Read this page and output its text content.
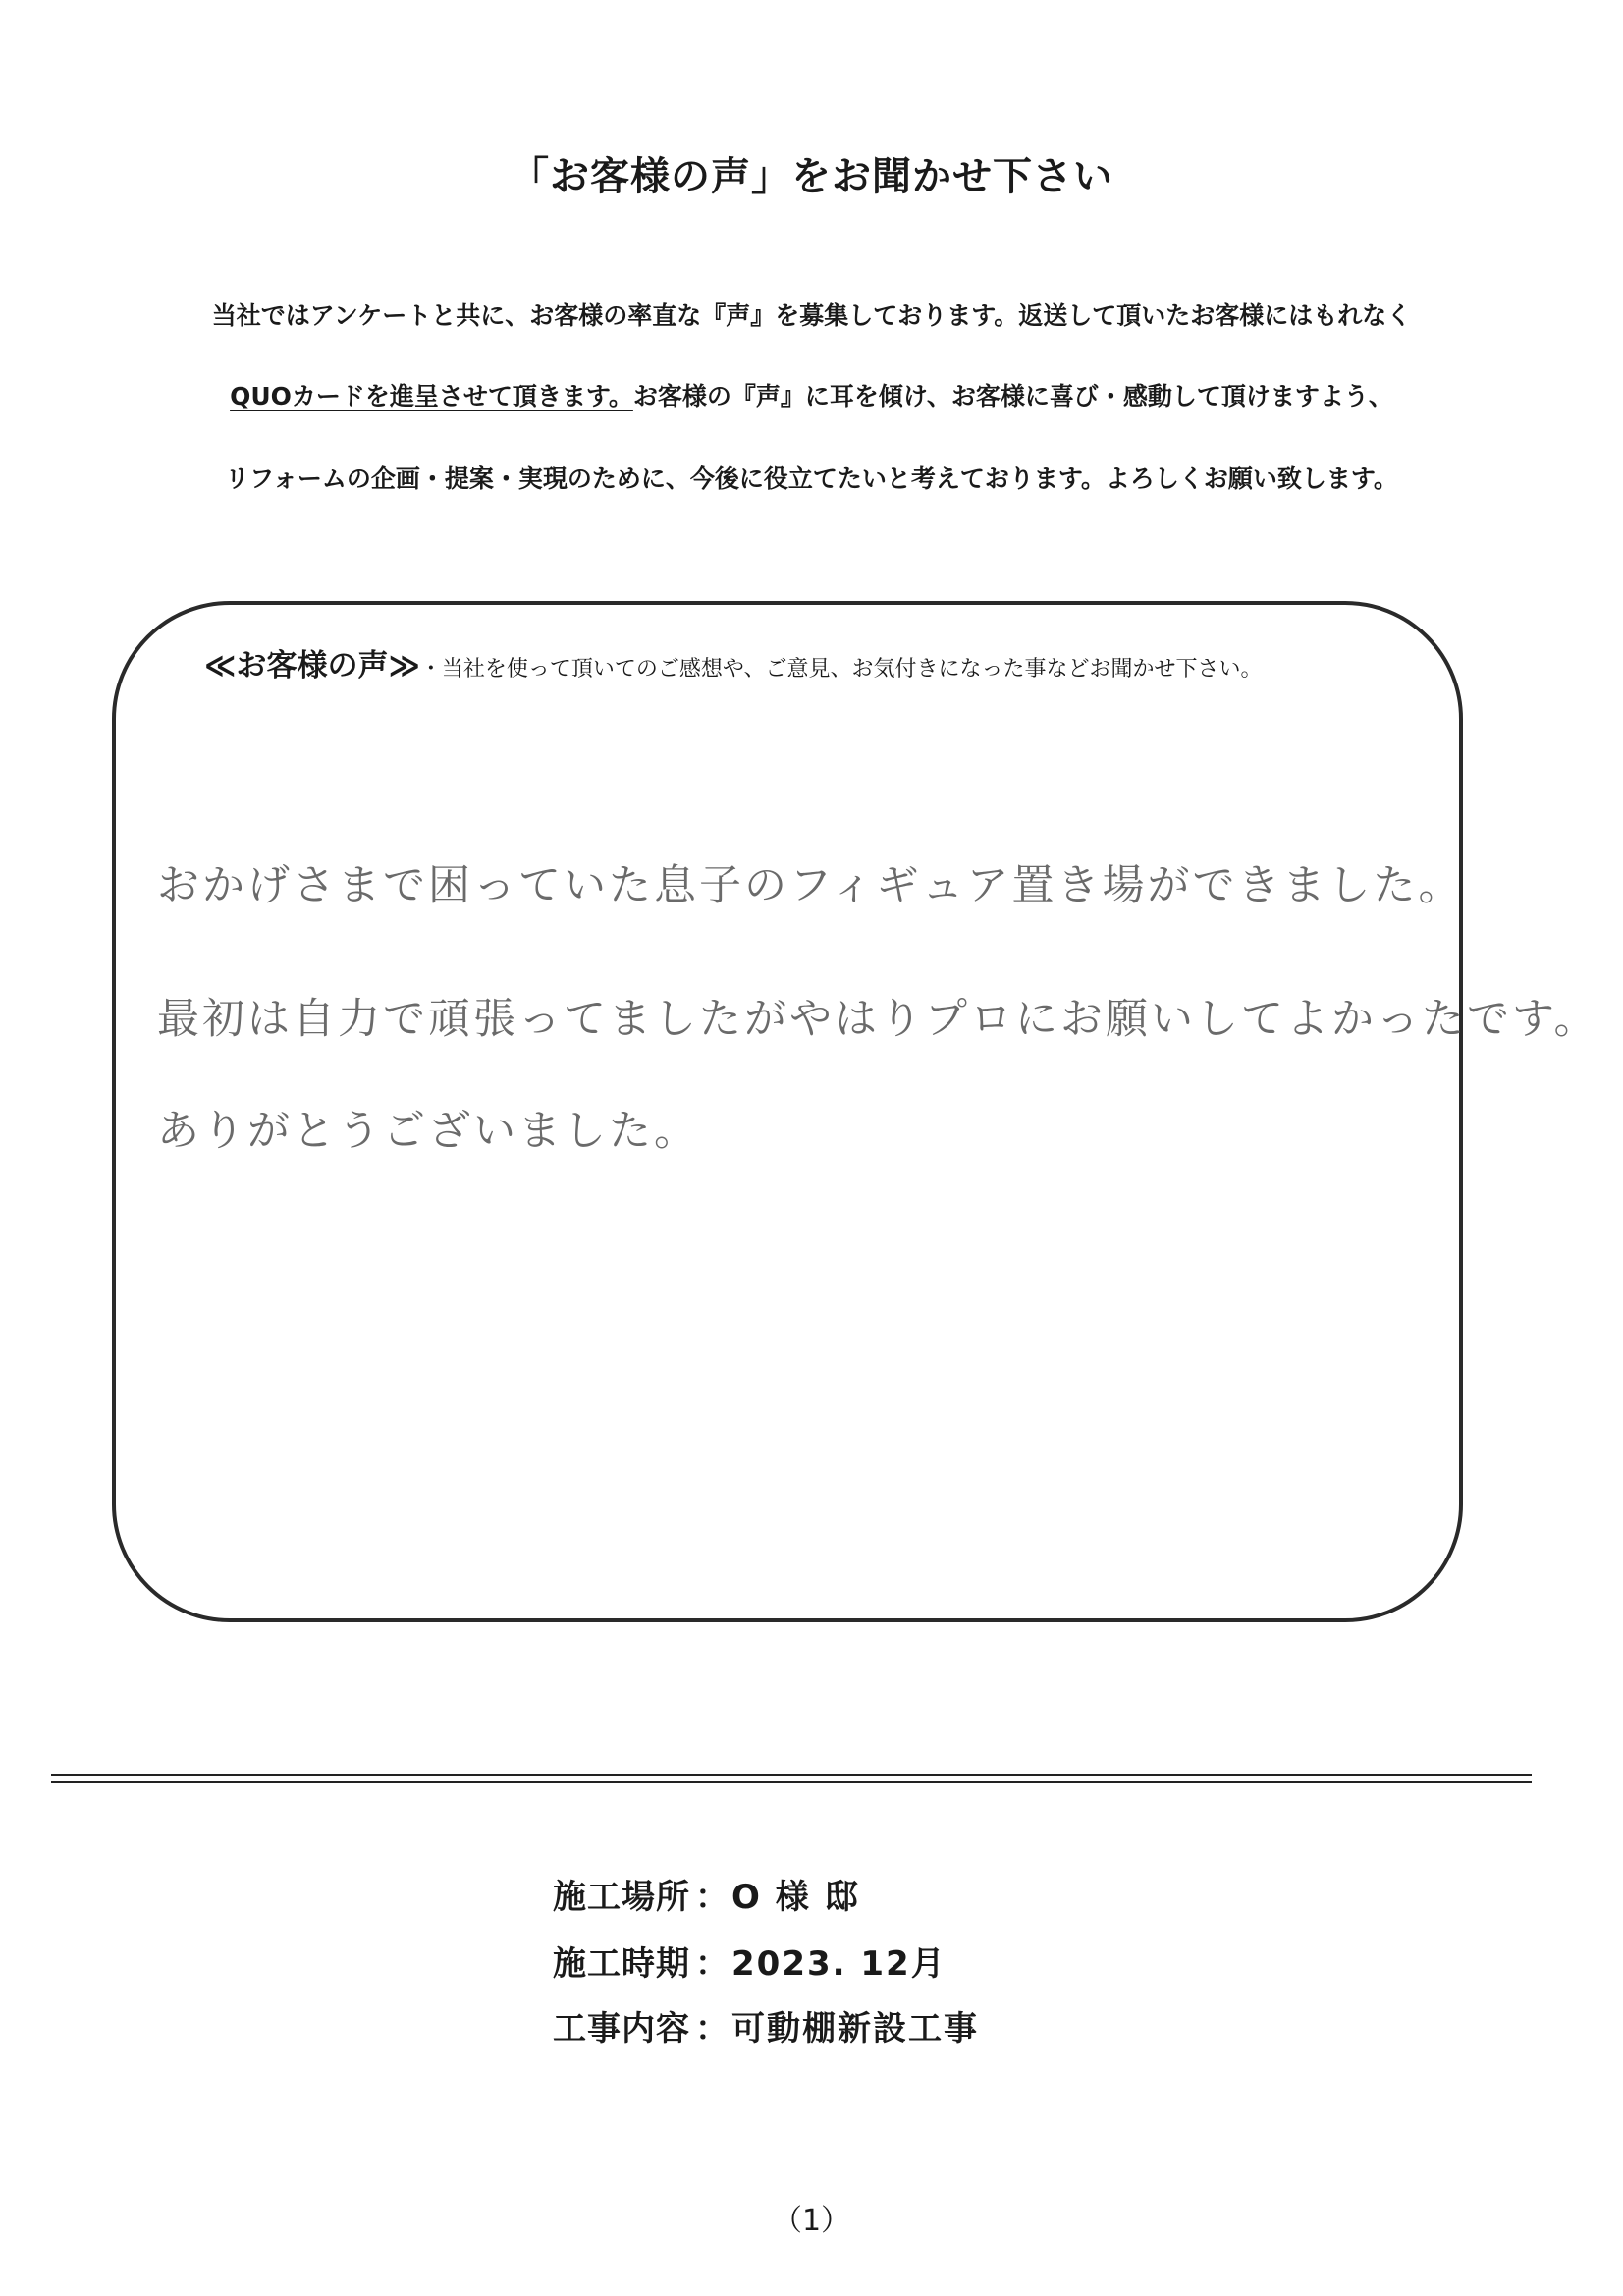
「お客様の声」をお聞かせ下さい
当社ではアンケートと共に、お客様の率直な『声』を募集しております。返送して頂いたお客様にはもれなく
QUOカードを進呈させて頂きます。お客様の『声』に耳を傾け、お客様に喜び・感動して頂けますよう、
リフォームの企画・提案・実現のために、今後に役立てたいと考えております。よろしくお願い致します。
≪お客様の声≫・当社を使って頂いてのご感想や、ご意見、お気付きになった事などお聞かせ下さい。
おかげさまで困っていた息子のフィギュア置き場ができました。
最初は自力で頑張ってましたがやはりプロにお願いしてよかったです。
ありがとうございました。
施工場所 ：O 様 邸
施工時期 ：2023. 12月
工事内容 ：可動棚新設工事
（1）
